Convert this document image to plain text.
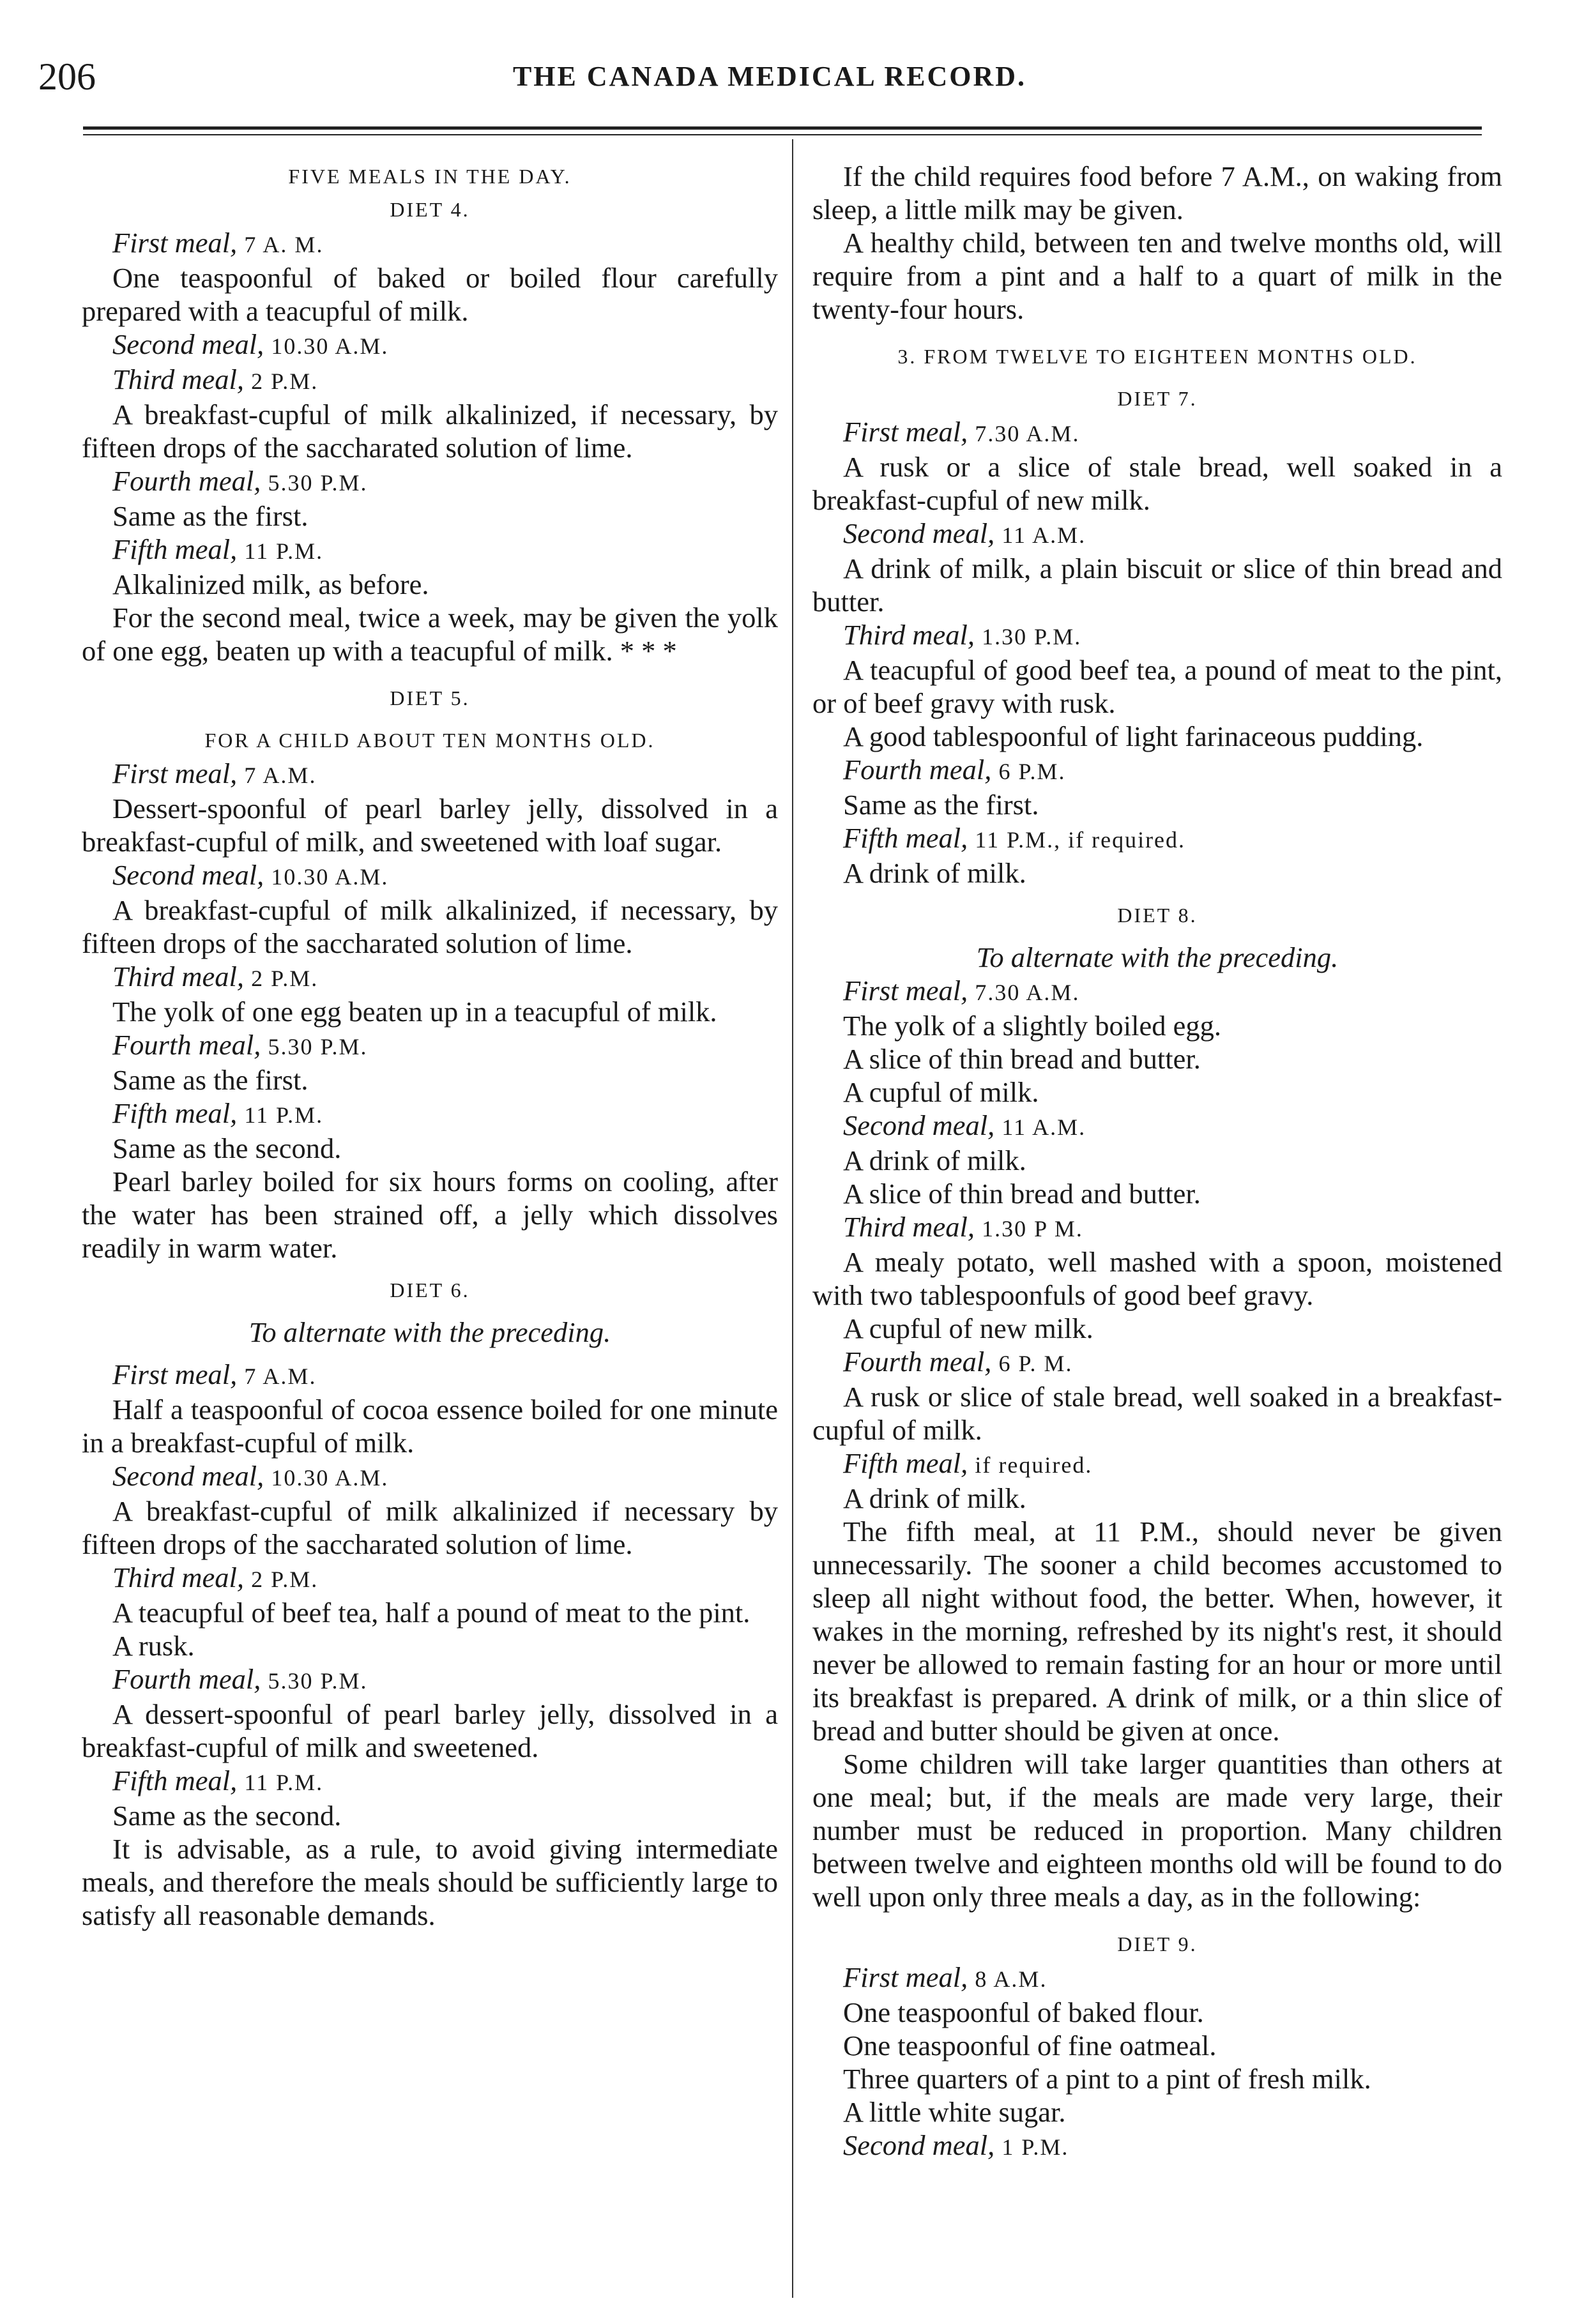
206	THE CANADA MEDICAL RECORD.

FIVE MEALS IN THE DAY.

DIET 4.

First meal, 7 A. M.

One teaspoonful of baked or boiled flour carefully prepared with a teacupful of milk.

Second meal, 10.30 A.M.

Third meal, 2 P.M.

A breakfast-cupful of milk alkalinized, if necessary, by fifteen drops of the saccharated solution of lime.

Fourth meal, 5.30 P.M.

Same as the first.

Fifth meal, 11 P.M.

Alkalinized milk, as before.

For the second meal, twice a week, may be given the yolk of one egg, beaten up with a teacupful of milk. * * *

DIET 5.

FOR A CHILD ABOUT TEN MONTHS OLD.

First meal, 7 A.M.

Dessert-spoonful of pearl barley jelly, dissolved in a breakfast-cupful of milk, and sweetened with loaf sugar.

Second meal, 10.30 A.M.

A breakfast-cupful of milk alkalinized, if necessary, by fifteen drops of the saccharated solution of lime.

Third meal, 2 P.M.

The yolk of one egg beaten up in a teacupful of milk.

Fourth meal, 5.30 P.M.

Same as the first.

Fifth meal, 11 P.M.

Same as the second.

Pearl barley boiled for six hours forms on cooling, after the water has been strained off, a jelly which dissolves readily in warm water.

DIET 6.

To alternate with the preceding.

First meal, 7 A.M.

Half a teaspoonful of cocoa essence boiled for one minute in a breakfast-cupful of milk.

Second meal, 10.30 A.M.

A breakfast-cupful of milk alkalinized if necessary by fifteen drops of the saccharated solution of lime.

Third meal, 2 P.M.

A teacupful of beef tea, half a pound of meat to the pint.

A rusk.

Fourth meal, 5.30 P.M.

A dessert-spoonful of pearl barley jelly, dissolved in a breakfast-cupful of milk and sweetened.

Fifth meal, 11 P.M.

Same as the second.

It is advisable, as a rule, to avoid giving intermediate meals, and therefore the meals should be sufficiently large to satisfy all reasonable demands.

If the child requires food before 7 A.M., on waking from sleep, a little milk may be given.

A healthy child, between ten and twelve months old, will require from a pint and a half to a quart of milk in the twenty-four hours.

3. FROM TWELVE TO EIGHTEEN MONTHS OLD.

DIET 7.

First meal, 7.30 A.M.

A rusk or a slice of stale bread, well soaked in a breakfast-cupful of new milk.

Second meal, 11 A.M.

A drink of milk, a plain biscuit or slice of thin bread and butter.

Third meal, 1.30 P.M.

A teacupful of good beef tea, a pound of meat to the pint, or of beef gravy with rusk.

A good tablespoonful of light farinaceous pudding.

Fourth meal, 6 P.M.

Same as the first.

Fifth meal, 11 P.M., if required.

A drink of milk.

DIET 8.

To alternate with the preceding.

First meal, 7.30 A.M.

The yolk of a slightly boiled egg.

A slice of thin bread and butter.

A cupful of milk.

Second meal, 11 A.M.

A drink of milk.

A slice of thin bread and butter.

Third meal, 1.30 P M.

A mealy potato, well mashed with a spoon, moistened with two tablespoonfuls of good beef gravy.

A cupful of new milk.

Fourth meal, 6 P. M.

A rusk or slice of stale bread, well soaked in a breakfast-cupful of milk.

Fifth meal, if required.

A drink of milk.

The fifth meal, at 11 P.M., should never be given unnecessarily. The sooner a child becomes accustomed to sleep all night without food, the better. When, however, it wakes in the morning, refreshed by its night's rest, it should never be allowed to remain fasting for an hour or more until its breakfast is prepared. A drink of milk, or a thin slice of bread and butter should be given at once.

Some children will take larger quantities than others at one meal; but, if the meals are made very large, their number must be reduced in proportion. Many children between twelve and eighteen months old will be found to do well upon only three meals a day, as in the following:

DIET 9.

First meal, 8 A.M.

One teaspoonful of baked flour.

One teaspoonful of fine oatmeal.

Three quarters of a pint to a pint of fresh milk.

A little white sugar.

Second meal, 1 P.M.
